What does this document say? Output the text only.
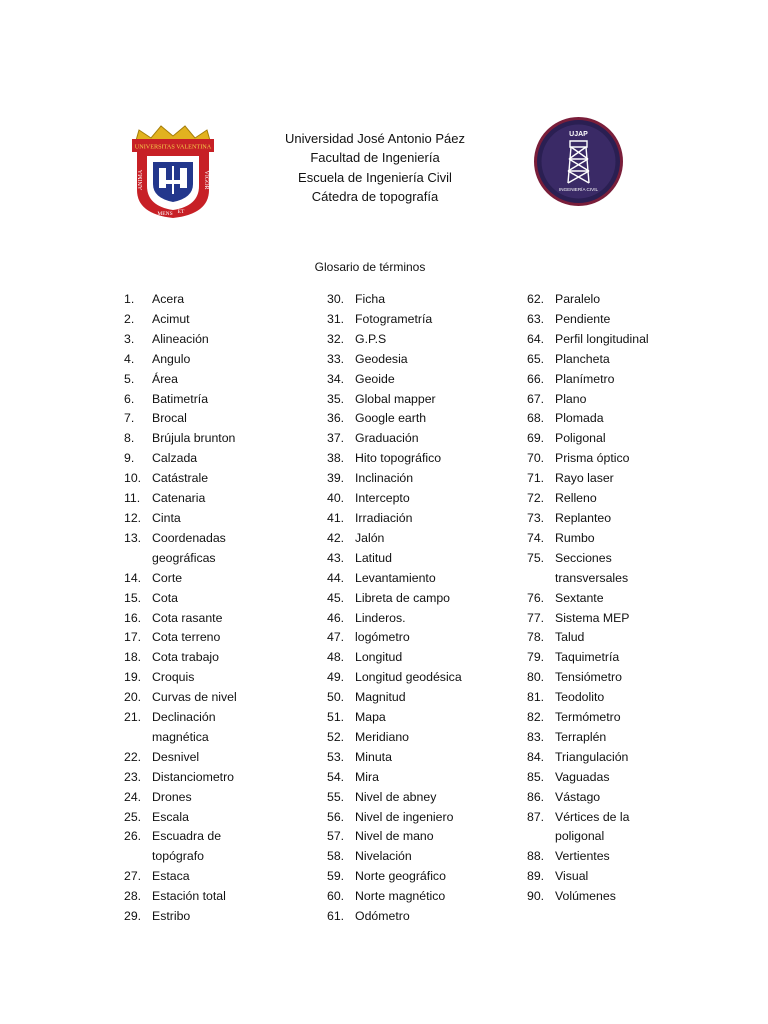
UNIVERSITAS VALENTINA
ANIMA
MENS ET
VIGOR
Universidad José Antonio Páez
Facultad de Ingeniería
Escuela de Ingeniería Civil
Cátedra de topografía
UJAP
INGENIERÍA CIVIL
Glosario de términos
1.	Acera
2.	Acimut
3.	Alineación
4.	Angulo
5.	Área
6.	Batimetría
7.	Brocal
8.	Brújula brunton
9.	Calzada
10. Catástrale
11. Catenaria
12. Cinta
13. Coordenadas
geográficas
14. Corte
15. Cota
16. Cota rasante
17. Cota terreno
18. Cota trabajo
19. Croquis
20. Curvas de nivel
21. Declinación
magnética
22. Desnivel
23. Distanciometro
24. Drones
25. Escala
26. Escuadra de
topógrafo
27. Estaca
28. Estación total
29. Estribo
30. Ficha
31. Fotogrametría
32. G.P.S
33. Geodesia
34. Geoide
35. Global mapper
36. Google earth
37. Graduación
38. Hito topográfico
39. Inclinación
40. Intercepto
41. Irradiación
42. Jalón
43. Latitud
44. Levantamiento
45. Libreta de campo
46. Linderos.
47. logómetro
48. Longitud
49. Longitud geodésica
50. Magnitud
51. Mapa
52. Meridiano
53. Minuta
54. Mira
55. Nivel de abney
56. Nivel de ingeniero
57. Nivel de mano
58. Nivelación
59. Norte geográfico
60. Norte magnético
61. Odómetro
62. Paralelo
63. Pendiente
64. Perfil longitudinal
65. Plancheta
66. Planímetro
67. Plano
68. Plomada
69. Poligonal
70. Prisma óptico
71. Rayo laser
72. Relleno
73. Replanteo
74. Rumbo
75. Secciones
transversales
76. Sextante
77. Sistema MEP
78. Talud
79. Taquimetría
80. Tensiómetro
81. Teodolito
82. Termómetro
83. Terraplén
84. Triangulación
85. Vaguadas
86. Vástago
87. Vértices de la
poligonal
88. Vertientes
89. Visual
90. Volúmenes
